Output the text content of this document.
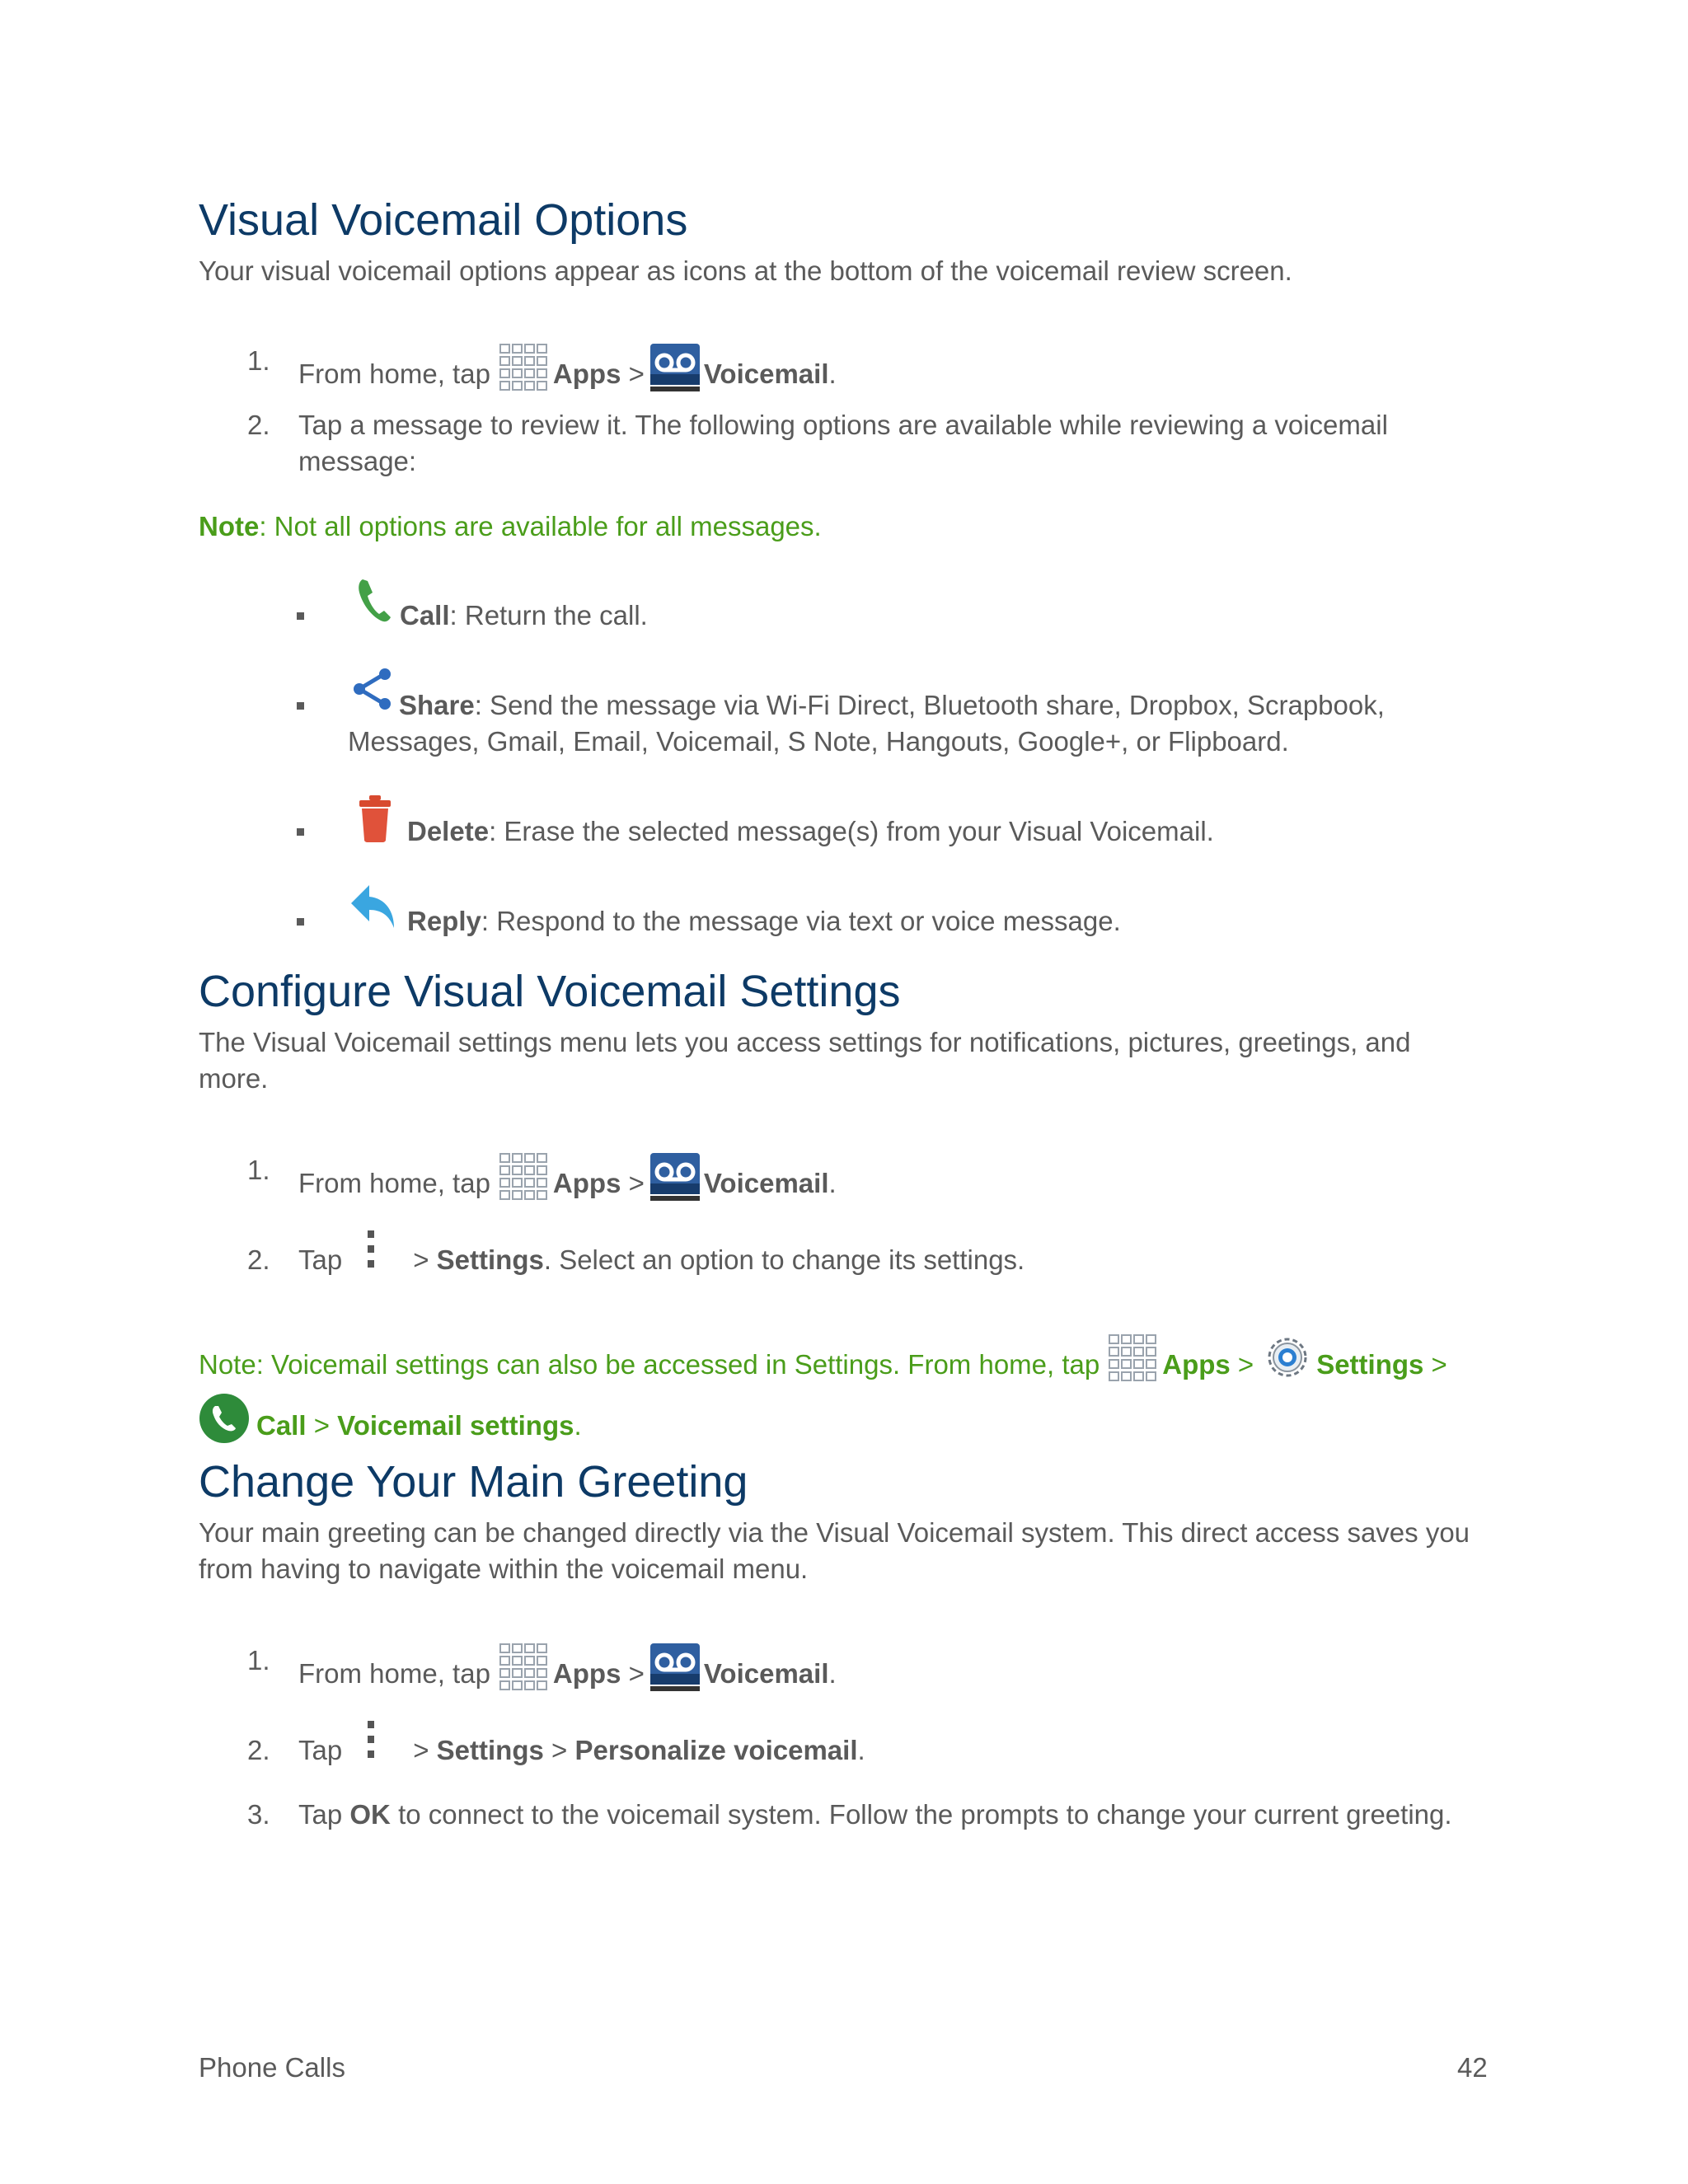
Visual Voicemail Options

Your visual voicemail options appear as icons at the bottom of the voicemail review screen.

1. From home, tap Apps > Voicemail.
2. Tap a message to review it. The following options are available while reviewing a voicemail message:
Note: Not all options are available for all messages.
Call: Return the call.
Share: Send the message via Wi-Fi Direct, Bluetooth share, Dropbox, Scrapbook,
Messages, Gmail, Email, Voicemail, S Note, Hangouts, Google+, or Flipboard.
Delete: Erase the selected message(s) from your Visual Voicemail.
Reply: Respond to the message via text or voice message.
Configure Visual Voicemail Settings

The Visual Voicemail settings menu lets you access settings for notifications, pictures, greetings, and more.

1. From home, tap Apps > Voicemail.
2. Tap	> Settings. Select an option to change its settings.
Note: Voicemail settings can also be accessed in Settings. From home, tap Apps > Settings >
Call > Voicemail settings.
Change Your Main Greeting

Your main greeting can be changed directly via the Visual Voicemail system. This direct access saves you from having to navigate within the voicemail menu.

1. From home, tap Apps > Voicemail.
2. Tap	> Settings > Personalize voicemail.
3. Tap OK to connect to the voicemail system. Follow the prompts to change your current greeting.
Phone Calls	42
